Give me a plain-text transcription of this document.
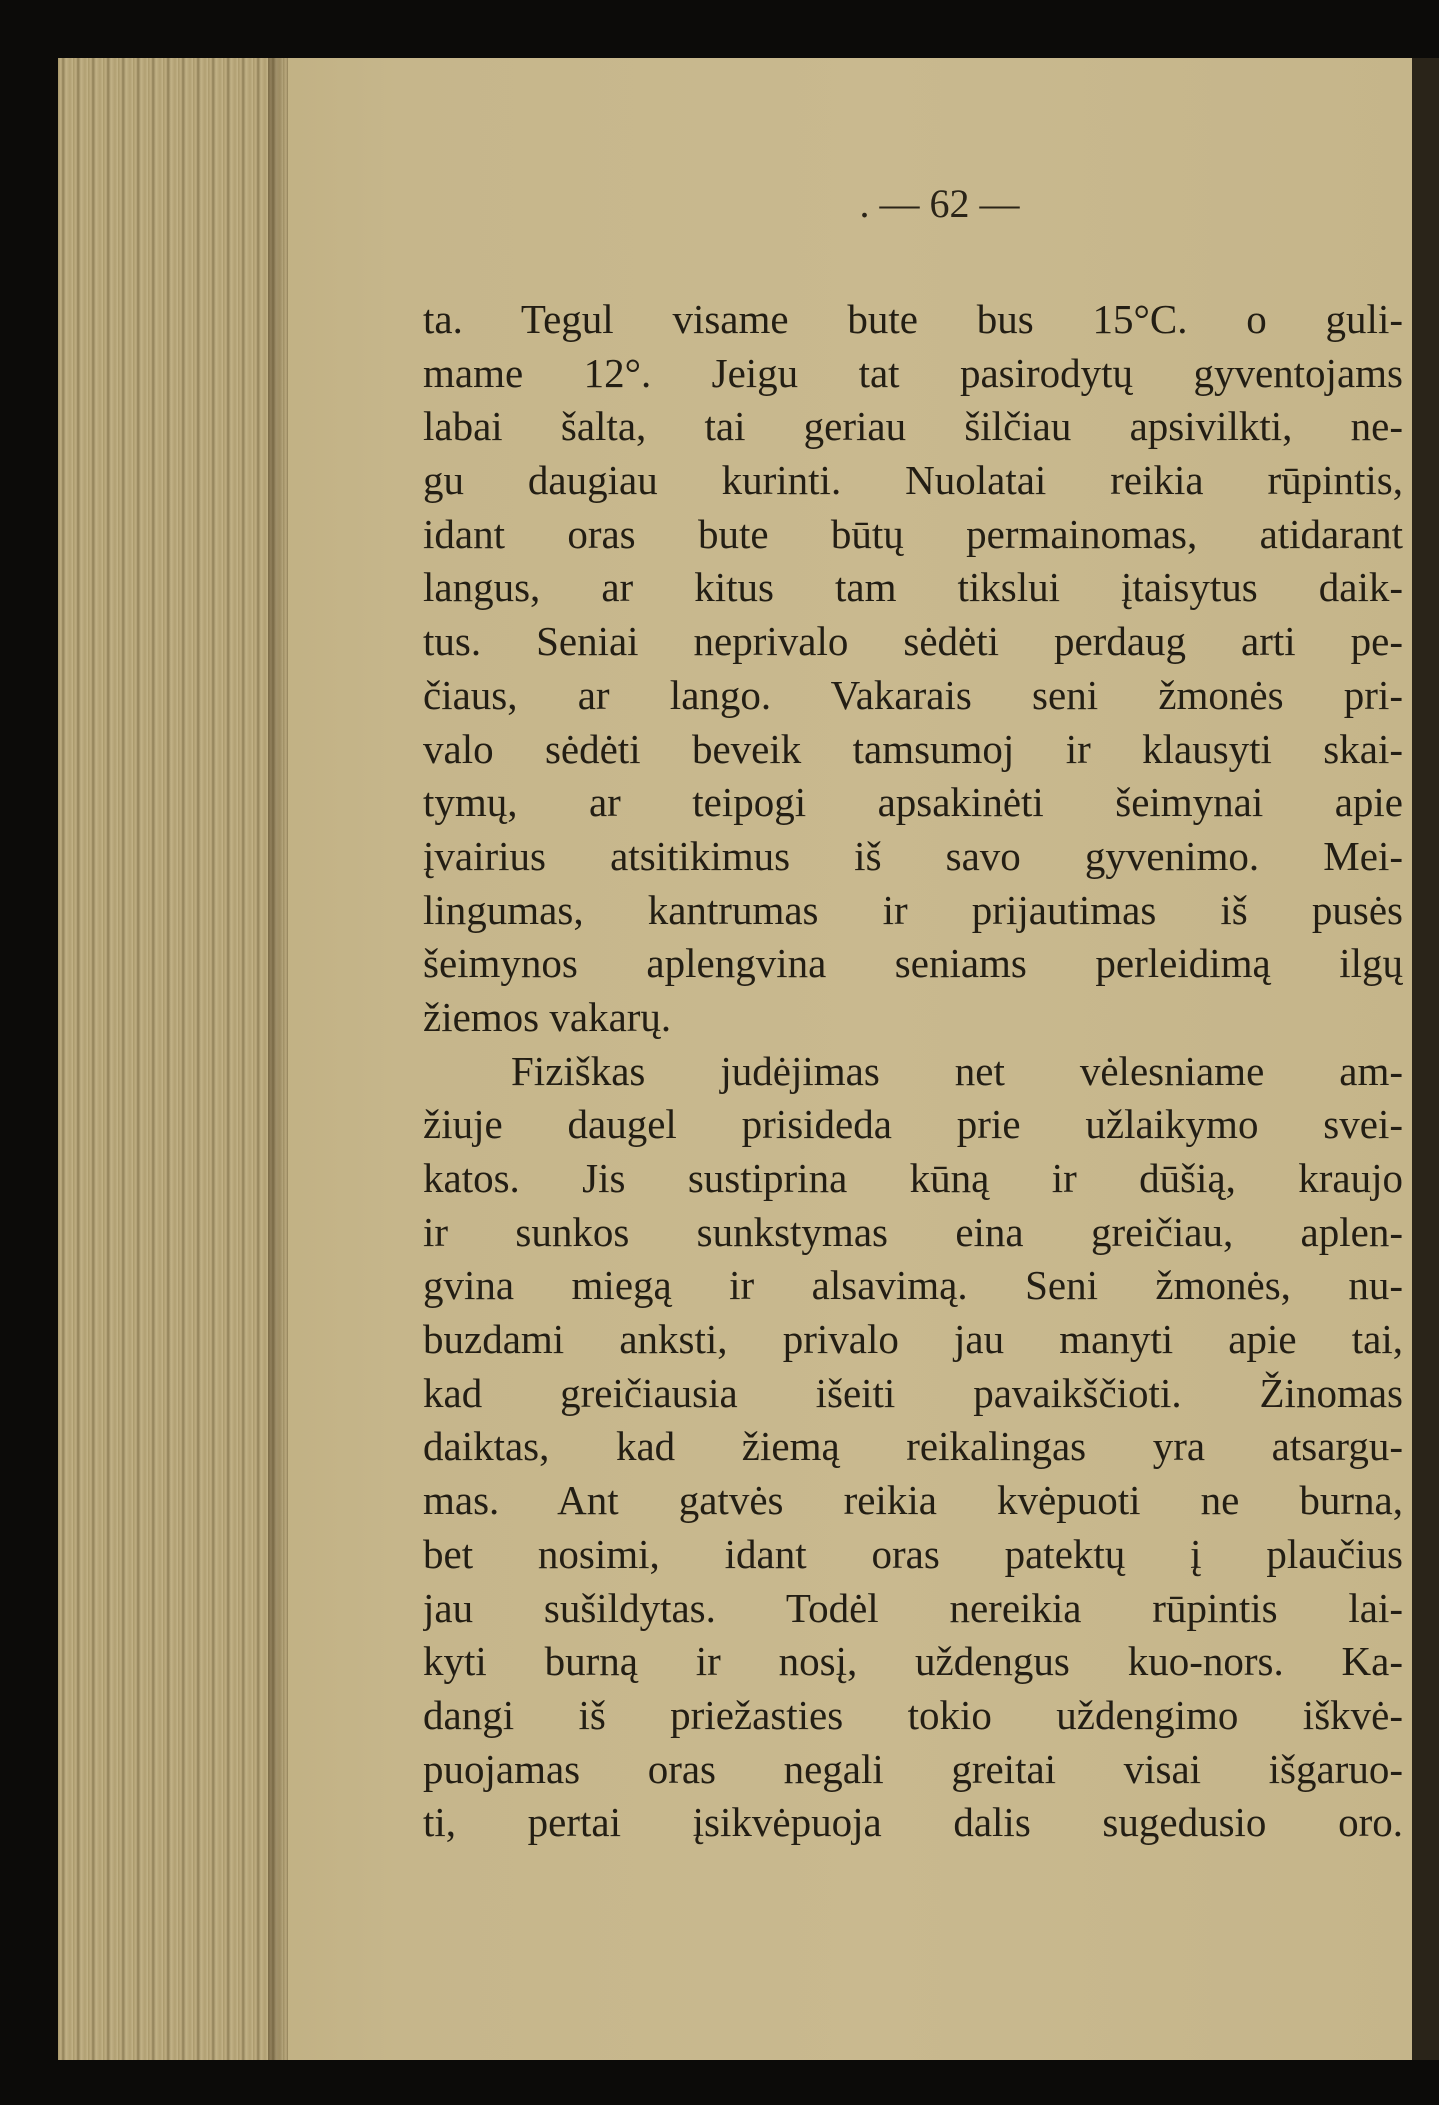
. — 62 —
ta. Tegul visame bute bus 15°C. o guli-
mame 12°. Jeigu tat pasirodytų gyventojams
labai šalta, tai geriau šilčiau apsivilkti, ne-
gu daugiau kurinti. Nuolatai reikia rūpintis,
idant oras bute būtų permainomas, atidarant
langus, ar kitus tam tikslui įtaisytus daik-
tus. Seniai neprivalo sėdėti perdaug arti pe-
čiaus, ar lango. Vakarais seni žmonės pri-
valo sėdėti beveik tamsumoj ir klausyti skai-
tymų, ar teipogi apsakinėti šeimynai apie
įvairius atsitikimus iš savo gyvenimo. Mei-
lingumas, kantrumas ir prijautimas iš pusės
šeimynos aplengvina seniams perleidimą ilgų
žiemos vakarų.
Fiziškas judėjimas net vėlesniame am-
žiuje daugel prisideda prie užlaikymo svei-
katos. Jis sustiprina kūną ir dūšią, kraujo
ir sunkos sunkstymas eina greičiau, aplen-
gvina miegą ir alsavimą. Seni žmonės, nu-
buzdami anksti, privalo jau manyti apie tai,
kad greičiausia išeiti pavaikščioti. Žinomas
daiktas, kad žiemą reikalingas yra atsargu-
mas. Ant gatvės reikia kvėpuoti ne burna,
bet nosimi, idant oras patektų į plaučius
jau sušildytas. Todėl nereikia rūpintis lai-
kyti burną ir nosį, uždengus kuo-nors. Ka-
dangi iš priežasties tokio uždengimo iškvė-
puojamas oras negali greitai visai išgaruo-
ti, pertai įsikvėpuoja dalis sugedusio oro.
